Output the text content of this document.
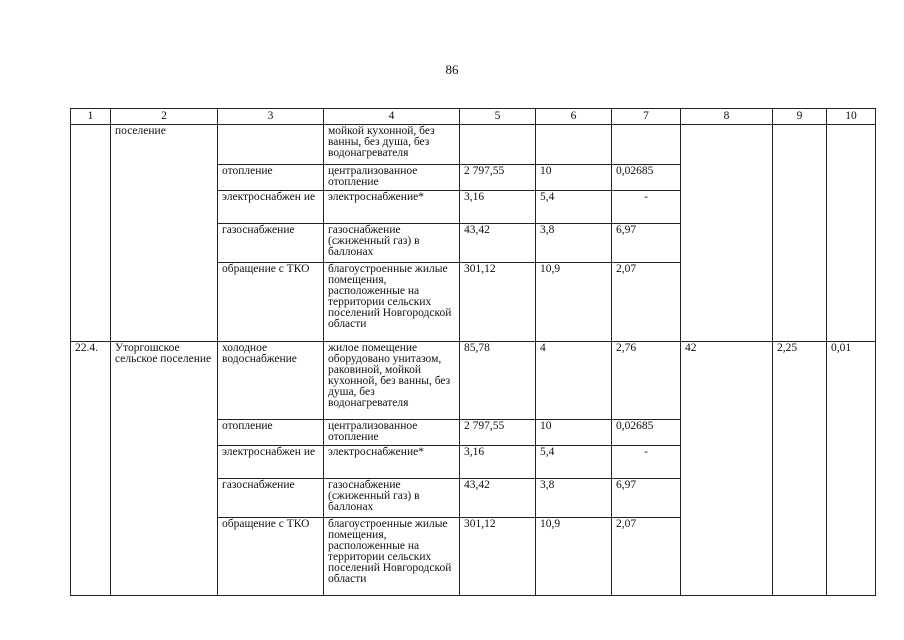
86
1	2	3	4	5	6	7	8	9	10
	поселение		мойкой кухонной, без ванны, без душа, без водонагревателя						
		отопление	централизованное отопление	2 797,55	10	0,02685			
		электроснабжен ие	электроснабжение*	3,16	5,4	-			
		газоснабжение	газоснабжение (сжиженный газ) в баллонах	43,42	3,8	6,97			
		обращение с ТКО	благоустроенные жилые помещения, расположенные на территории сельских поселений Новгородской области	301,12	10,9	2,07			
22.4.	Уторгошское сельское поселение	холодное водоснабжение	жилое помещение оборудовано унитазом, раковиной, мойкой кухонной, без ванны, без душа, без водонагревателя	85,78	4	2,76	42	2,25	0,01
		отопление	централизованное отопление	2 797,55	10	0,02685			
		электроснабжен ие	электроснабжение*	3,16	5,4	-			
		газоснабжение	газоснабжение (сжиженный газ) в баллонах	43,42	3,8	6,97			
		обращение с ТКО	благоустроенные жилые помещения, расположенные на территории сельских поселений Новгородской области	301,12	10,9	2,07			
